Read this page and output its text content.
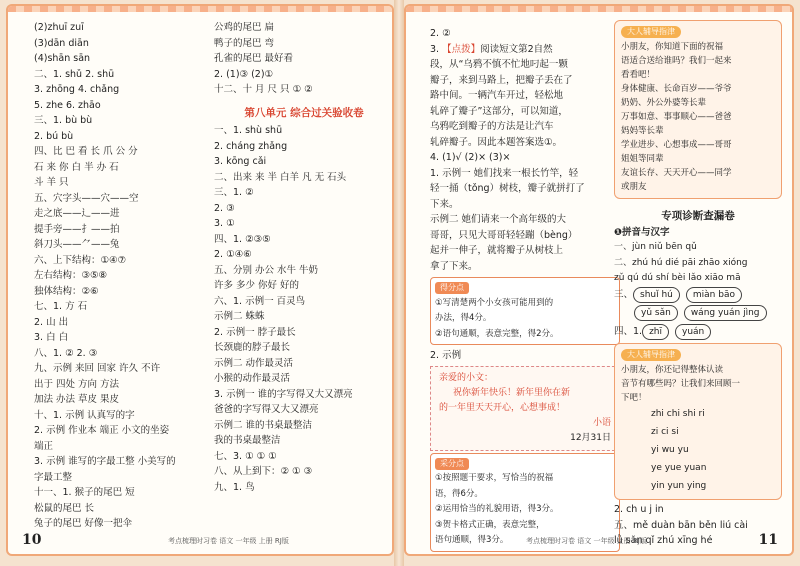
(2)zhuī zuī
(3)dān diān
(4)shān sān
二、1. shǔ 2. shū
3. zhōng 4. chǎng
5. zhe 6. zhāo
三、1. bù bù
2. bú bù
四、比 巴 看 长 爪 公 分
石 来 你 白 半 办 石
斗 羊 只
五、穴字头——穴——空
走之底——辶——进
提手旁——扌——拍
斜刀头——⺈——兔
六、上下结构：①④⑦
左右结构：③⑤⑧
独体结构：②⑥
七、1. 方 石
2. 山 出
3. 白 白
八、1. ② 2. ③
九、示例 来回 回家 许久 不许
出于 四处 方向 方法
加法 办法 草皮 果皮
十、1. 示例 认真写的字
2. 示例 作业本 端正 小文的坐姿
端正
3. 示例 谁写的字最工整 小美写的
字最工整
十一、1. 猴子的尾巴 短
松鼠的尾巴 长
兔子的尾巴 好像一把伞
公鸡的尾巴 扁
鸭子的尾巴 弯
孔雀的尾巴 最好看
2. (1)③ (2)①
十二、十 月 尺 只 ① ②
第八单元 综合过关验收卷
一、1. shù shū
2. cháng zhǎng
3. kōng cǎi
二、出来 来 半 白羊 凡 无 石头
三、1. ②
2. ③
3. ①
四、1. ②③⑤
2. ①④⑥
五、分别 办公 水牛 牛奶
许多 多少 你好 好的
六、1. 示例一 百灵鸟
示例二 蛛蛛
2. 示例一 脖子最长
长颈鹿的脖子最长
示例二 动作最灵活
小猴的动作最灵活
3. 示例一 谁的字写得又大又漂亮
爸爸的字写得又大又漂亮
示例二 谁的书桌最整洁
我的书桌最整洁
七、3. ① ① ①
八、从上到下：② ① ③
九、1. 鸟
10	考点梳理时习卷 语文 一年级 上册 RJ版
2. ②
3. 【点拨】阅读短文第2自然
段，从“乌鸦不慎不忙地叼起一颗
瓣子，来到马路上，把瓣子丢在了
路中间。一辆汽车开过，轻松地
轧碎了瓣子”这部分，可以知道，
乌鸦吃到瓣子的方法是让汽车
轧碎瓣子。因此本题答案选①。
4. (1)√ (2)× (3)×
1. 示例一 她们找来一根长竹竿，轻
轻一捅（tǒng）树枝，瓣子就拼打了
下来。
示例二 她们请来一个高年级的大
哥哥，只见大哥哥轻轻蹦（bèng）
起并一伸子，就将瓣子从树枝上
拿了下来。
得分点
①写清楚两个小女孩可能用到的
办法，得4分。
②语句通顺，表意完整，得2分。
2. 示例
亲爱的小文：
祝你新年快乐！新年里你在新
的一年里天天开心，心想事成！
小语
12月31日
采分点
①按照题干要求，写恰当的祝福
语，得6分。
②运用恰当的礼貌用语，得3分。
③贺卡格式正确，表意完整，
语句通顺，得3分。
大人辅导指津
小朋友，你知道下面的祝福
语适合送给谁吗？我们一起来
看看吧！
身体健康、长命百岁——爷爷
奶奶、外公外婆等长辈
万事如意、事事顺心——爸爸
妈妈等长辈
学业进步、心想事成——哥哥
姐姐等同辈
友谊长存、天天开心——同学
或朋友
专项诊断查漏卷
❶拼音与汉字
一、jùn niǔ bēn qǔ
二、zhú hú dié pāi zhāo xióng
zǔ qú dú shí bèi lǎo xiāo mā
三、 shuǐ hú miàn bāo
yǔ sǎn wáng yuán jìng
四、1. zhī yuán
大人辅导指津
小朋友，你还记得整体认读
音节有哪些吗？让我们来回顾一
下吧！
zhi chi shi ri
zi ci si
yi wu yu
ye yue yuan
yin yun ying
2. ch u j in
五、mě duàn bān běn liú cài
lǜ săn qǐ zhú xīng hé	11
考点梳理时习卷 语文 一年级 上册 RJ版
